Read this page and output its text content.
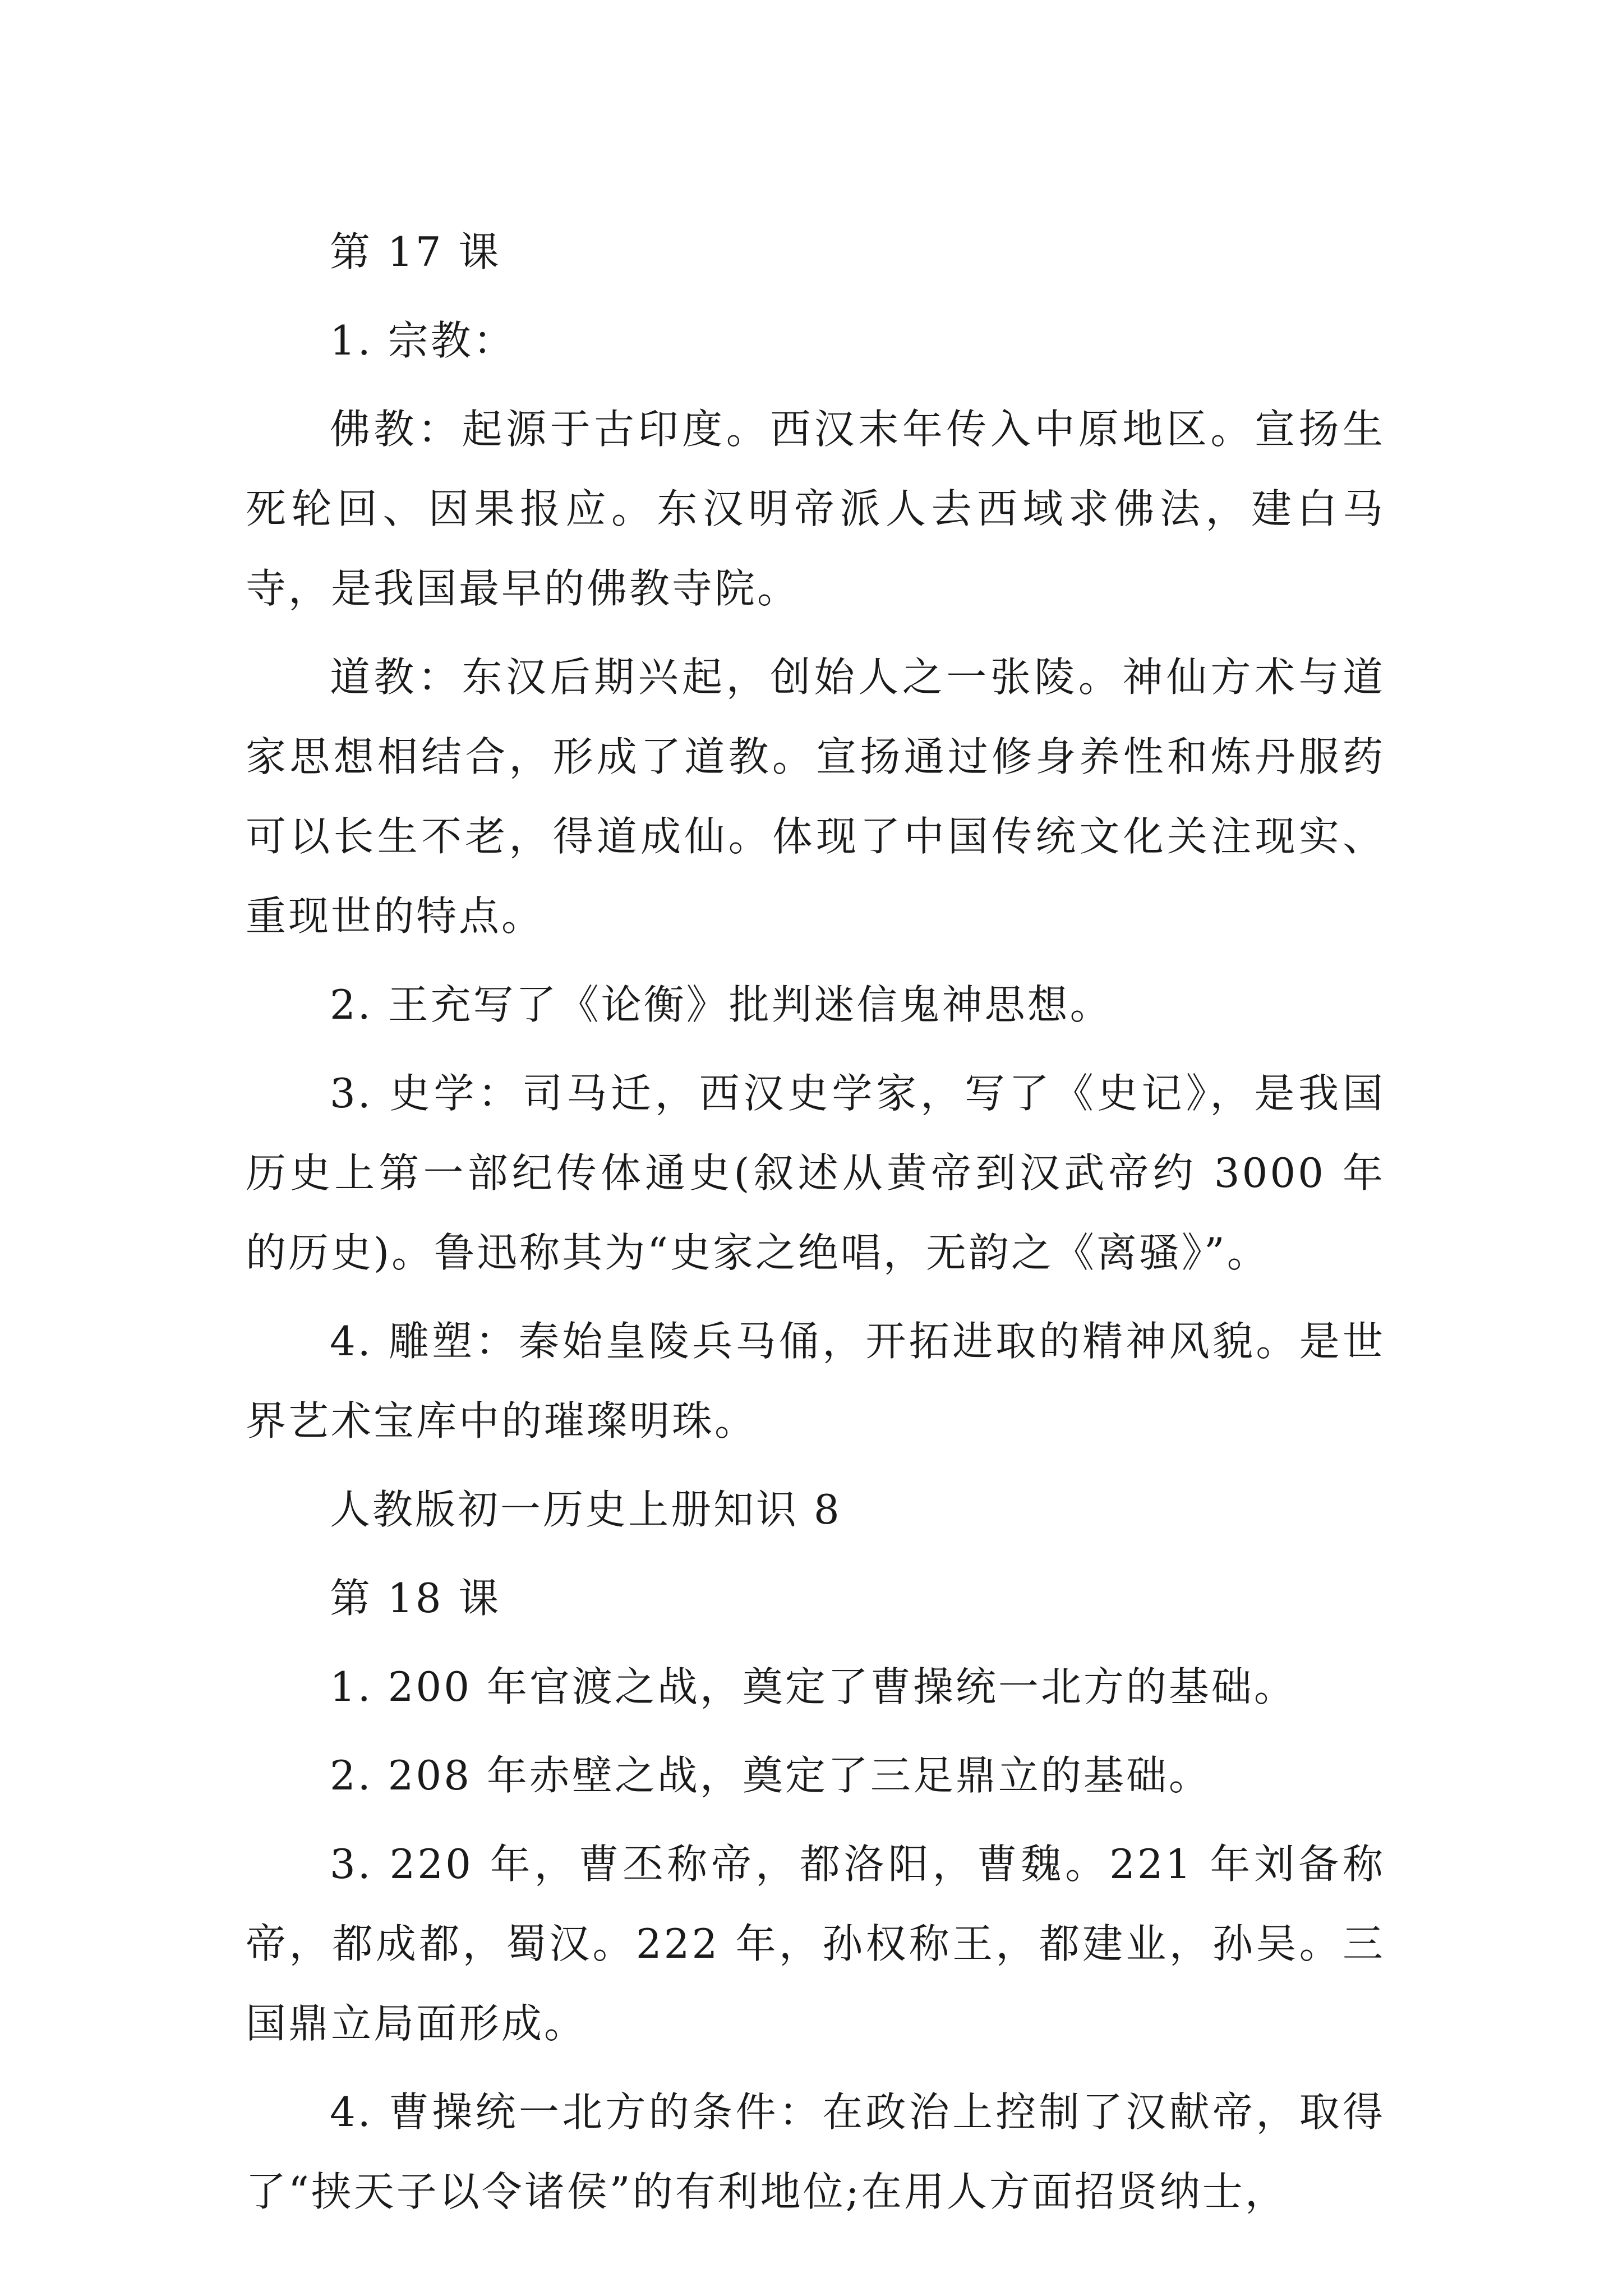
第 17 课

1. 宗教：

佛教：起源于古印度。西汉末年传入中原地区。宣扬生死轮回、因果报应。东汉明帝派人去西域求佛法，建白马寺，是我国最早的佛教寺院。

道教：东汉后期兴起，创始人之一张陵。神仙方术与道家思想相结合，形成了道教。宣扬通过修身养性和炼丹服药可以长生不老，得道成仙。体现了中国传统文化关注现实、重现世的特点。

2. 王充写了《论衡》批判迷信鬼神思想。

3. 史学：司马迁，西汉史学家，写了《史记》，是我国历史上第一部纪传体通史(叙述从黄帝到汉武帝约 3000 年的历史)。鲁迅称其为“史家之绝唱，无韵之《离骚》”。

4. 雕塑：秦始皇陵兵马俑，开拓进取的精神风貌。是世界艺术宝库中的璀璨明珠。

人教版初一历史上册知识 8

第 18 课

1. 200 年官渡之战，奠定了曹操统一北方的基础。

2. 208 年赤壁之战，奠定了三足鼎立的基础。

3. 220 年，曹丕称帝，都洛阳，曹魏。221 年刘备称帝，都成都，蜀汉。222 年，孙权称王，都建业，孙吴。三国鼎立局面形成。

4. 曹操统一北方的条件：在政治上控制了汉献帝，取得了“挟天子以令诸侯”的有利地位;在用人方面招贤纳士，
